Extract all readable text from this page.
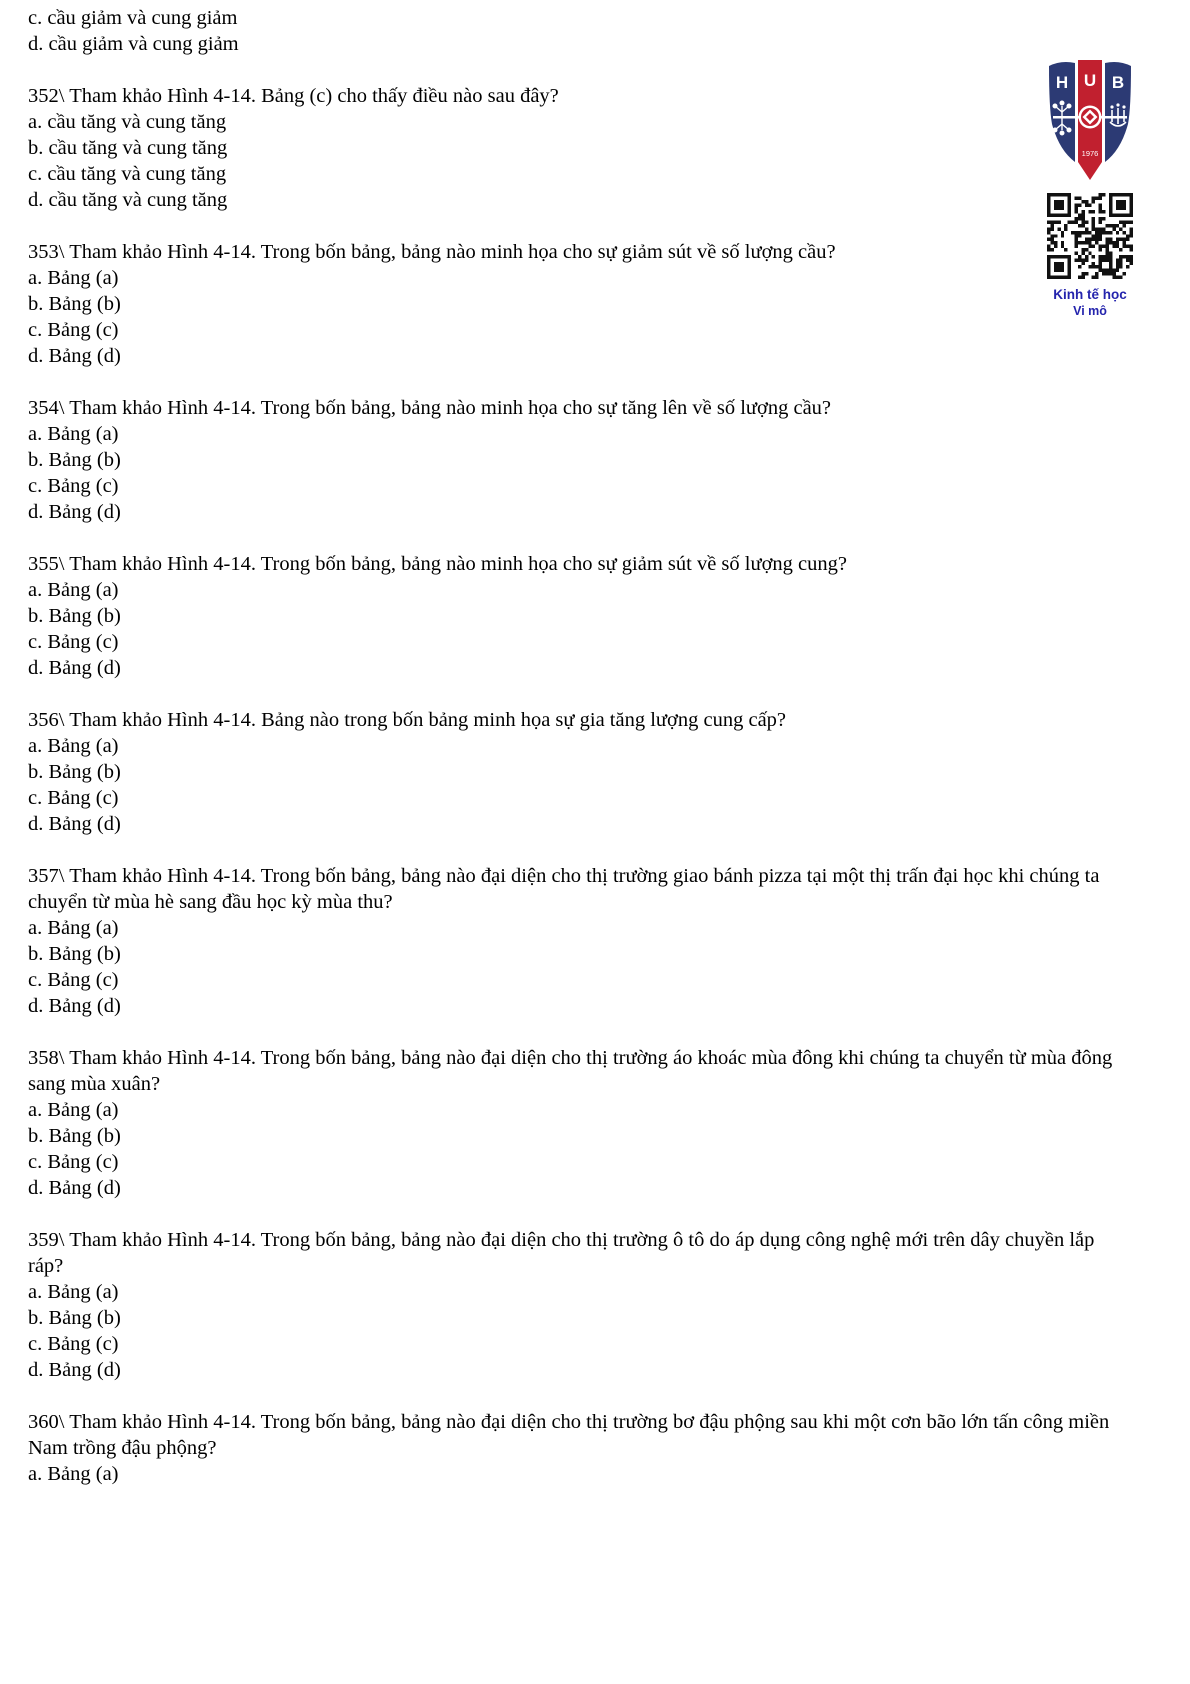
c. cầu giảm và cung giảm

d. cầu giảm và cung giảm

352\ Tham khảo Hình 4-14. Bảng (c) cho thấy điều nào sau đây?

a. cầu tăng và cung tăng

b. cầu tăng và cung tăng

c. cầu tăng và cung tăng

d. cầu tăng và cung tăng

353\ Tham khảo Hình 4-14. Trong bốn bảng, bảng nào minh họa cho sự giảm sút về số lượng cầu?

a. Bảng (a)

b. Bảng (b)

c. Bảng (c)

d. Bảng (d)

354\ Tham khảo Hình 4-14. Trong bốn bảng, bảng nào minh họa cho sự tăng lên về số lượng cầu?

a. Bảng (a)

b. Bảng (b)

c. Bảng (c)

d. Bảng (d)

355\ Tham khảo Hình 4-14. Trong bốn bảng, bảng nào minh họa cho sự giảm sút về số lượng cung?

a. Bảng (a)

b. Bảng (b)

c. Bảng (c)

d. Bảng (d)

356\ Tham khảo Hình 4-14. Bảng nào trong bốn bảng minh họa sự gia tăng lượng cung cấp?

a. Bảng (a)

b. Bảng (b)

c. Bảng (c)

d. Bảng (d)

357\ Tham khảo Hình 4-14. Trong bốn bảng, bảng nào đại diện cho thị trường giao bánh pizza tại một thị trấn đại học khi chúng ta chuyển từ mùa hè sang đầu học kỳ mùa thu?

a. Bảng (a)

b. Bảng (b)

c. Bảng (c)

d. Bảng (d)

358\ Tham khảo Hình 4-14. Trong bốn bảng, bảng nào đại diện cho thị trường áo khoác mùa đông khi chúng ta chuyển từ mùa đông sang mùa xuân?

a. Bảng (a)

b. Bảng (b)

c. Bảng (c)

d. Bảng (d)

359\ Tham khảo Hình 4-14. Trong bốn bảng, bảng nào đại diện cho thị trường ô tô do áp dụng công nghệ mới trên dây chuyền lắp ráp?

a. Bảng (a)

b. Bảng (b)

c. Bảng (c)

d. Bảng (d)

360\ Tham khảo Hình 4-14. Trong bốn bảng, bảng nào đại diện cho thị trường bơ đậu phộng sau khi một cơn bão lớn tấn công miền Nam trồng đậu phộng?

a. Bảng (a)

H U B
1976
Kinh tế học
Vi mô
